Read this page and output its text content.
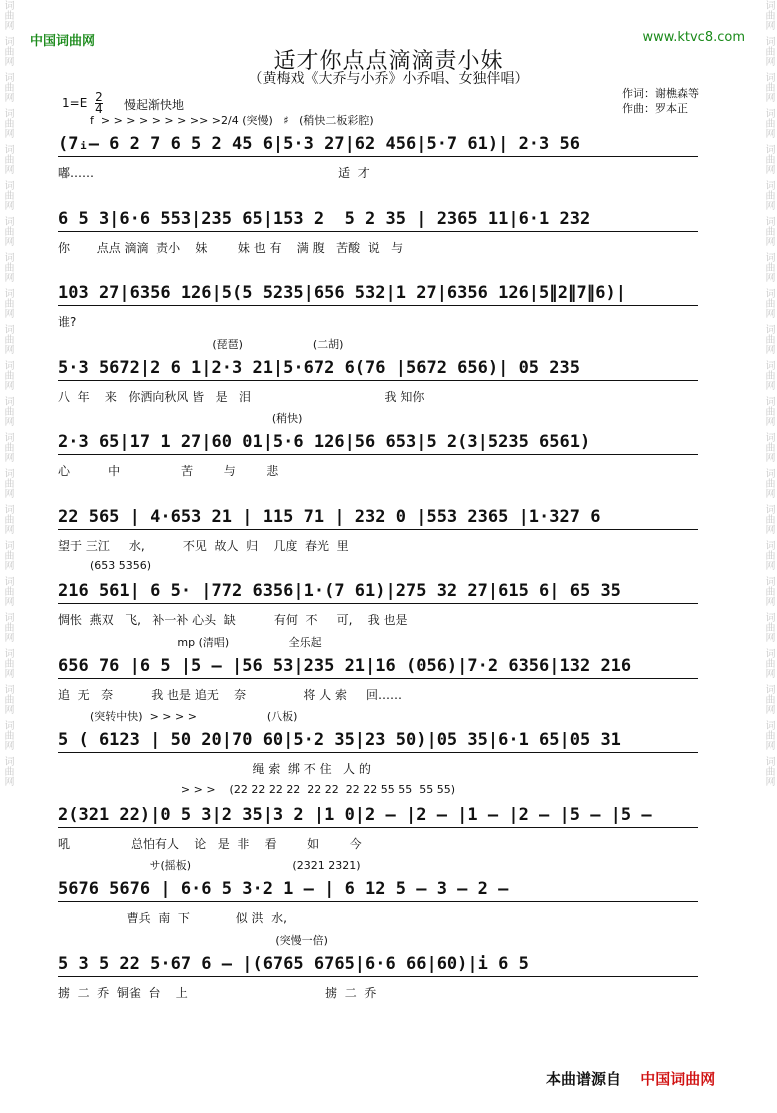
词曲网
词曲网
词曲网
词曲网
词曲网
词曲网
词曲网
词曲网
词曲网
词曲网
词曲网
词曲网
词曲网
词曲网
词曲网
词曲网
词曲网
词曲网
词曲网
词曲网
词曲网
词曲网
词曲网
词曲网
词曲网
词曲网
词曲网
词曲网
词曲网
词曲网
词曲网
词曲网
词曲网
词曲网
词曲网
词曲网
词曲网
词曲网
词曲网
词曲网
词曲网
词曲网
词曲网
词曲网
中国词曲网	www.ktvc8.com
适才你点点滴滴责小妹
（黄梅戏《大乔与小乔》小乔唱、女独伴唱）
$1=E \frac{2}{4}$ 慢起渐快地
作词：谢樵森等
作曲：罗本正
f  > > > > > > > >> >2/4 (突慢)   ♯   (稍快二板彩腔)
(7ᵢ— 6 2 7 6 5 2 45 6|5·3 27|62 456|5·7 61)| 2·3 56
嘟……                                                                适  才
6 5 3|6·6 553|235 65|153 2  5 2 35 | 2365 11|6·1 232
你       点点 滴滴  责小    妹        妹 也 有    满 腹   苦酸  说   与
103 27|6356 126|5(5 5235|656 532|1 27|6356 126|5∥2∥7∥6)|
谁?
(琵琶)                    (二胡)
5·3 5672|2 6 1|2·3 21|5·672 6(76 |5672 656)| 05 235
八  年    来   你洒向秋风 皆   是   泪                                   我 知你
(稍快)
2·3 65|17 1 27|60 01|5·6 126|56 653|5 2(3|5235 6561)
心          中                苦        与        悲
22 565 | 4·653 21 | 115 71 | 232 0 |553 2365 |1·327 6
望于 三江     水,          不见  故人  归    几度  春光  里
(653 5356)
216 561| 6 5· |772 6356|1·(7 61)|275 32 27|615 6| 65 35
惆怅  燕双   飞,   补一补 心头  缺          有何  不     可,    我 也是
mp (清唱)                 全乐起
656 76 |6 5 |5 — |56 53|235 21|16 (056)|7·2 6356|132 216
追  无   奈          我 也是 追无    奈               将 人 索     回……
(突转中快)  > > > >                    (八板)
5 ( 6123 | 50 20|70 60|5·2 35|23 50)|05 35|6·1 65|05 31
绳 索  绑 不 住   人 的
> > >    (22 22 22 22  22 22  22 22 55 55  55 55)
2(321 22)|0 5 3|2 35|3 2 |1 0|2 — |2 — |1 — |2 — |5 — |5 —
吼                总怕有人    论   是  非    看        如        今
サ(摇板)                             (2321 2321)
5676 5676 | 6·6 5 3·2 1 — | 6 12 5 — 3 — 2 —
曹兵  南  下            似 洪  水,
(突慢一倍)
5 3 5 22 5·67 6 — |(6765 6765|6·6 66|60)|i 6 5
掳  二  乔  铜雀  台    上                                    掳  二  乔
本曲谱源自 中国词曲网
